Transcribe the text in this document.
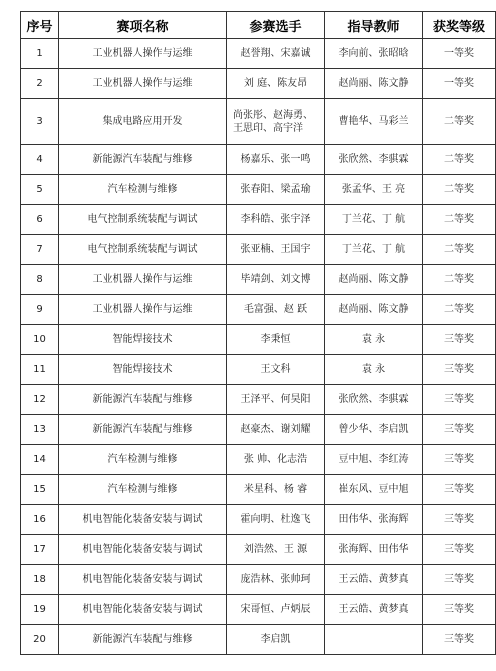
序号	赛项名称	参赛选手	指导教师	获奖等级
1	工业机器人操作与运维	赵誉翔、宋嘉诚	李向前、张昭晗	一等奖
2	工业机器人操作与运维	刘 庭、陈友昂	赵尚丽、陈文静	一等奖
3	集成电路应用开发	尚张彤、赵海勇、王思印、高宇洋	曹艳华、马彩兰	二等奖
4	新能源汽车装配与维修	杨嘉乐、张一鸣	张欣然、李骐霖	二等奖
5	汽车检测与维修	张春阳、梁孟瑜	张孟华、王 亮	二等奖
6	电气控制系统装配与调试	李科皓、张宇泽	丁兰花、丁 航	二等奖
7	电气控制系统装配与调试	张亚楠、王国宇	丁兰花、丁 航	二等奖
8	工业机器人操作与运维	毕靖剑、刘文博	赵尚丽、陈文静	二等奖
9	工业机器人操作与运维	毛富强、赵 跃	赵尚丽、陈文静	二等奖
10	智能焊接技术	李秉恒	袁 永	三等奖
11	智能焊接技术	王文科	袁 永	三等奖
12	新能源汽车装配与维修	王泽平、何昊阳	张欣然、李骐霖	三等奖
13	新能源汽车装配与维修	赵豪杰、谢刘耀	曾少华、李启凯	三等奖
14	汽车检测与维修	张 帅、化志浩	豆中旭、李红涛	三等奖
15	汽车检测与维修	米星科、杨 睿	崔东风、豆中旭	三等奖
16	机电智能化装备安装与调试	霍向明、杜逸飞	田伟华、张海辉	三等奖
17	机电智能化装备安装与调试	刘浩然、王 源	张海辉、田伟华	三等奖
18	机电智能化装备安装与调试	庞浩林、张帅珂	王云皓、黄梦真	三等奖
19	机电智能化装备安装与调试	宋哥恒、卢炳辰	王云皓、黄梦真	三等奖
20	新能源汽车装配与维修	李启凯		三等奖
